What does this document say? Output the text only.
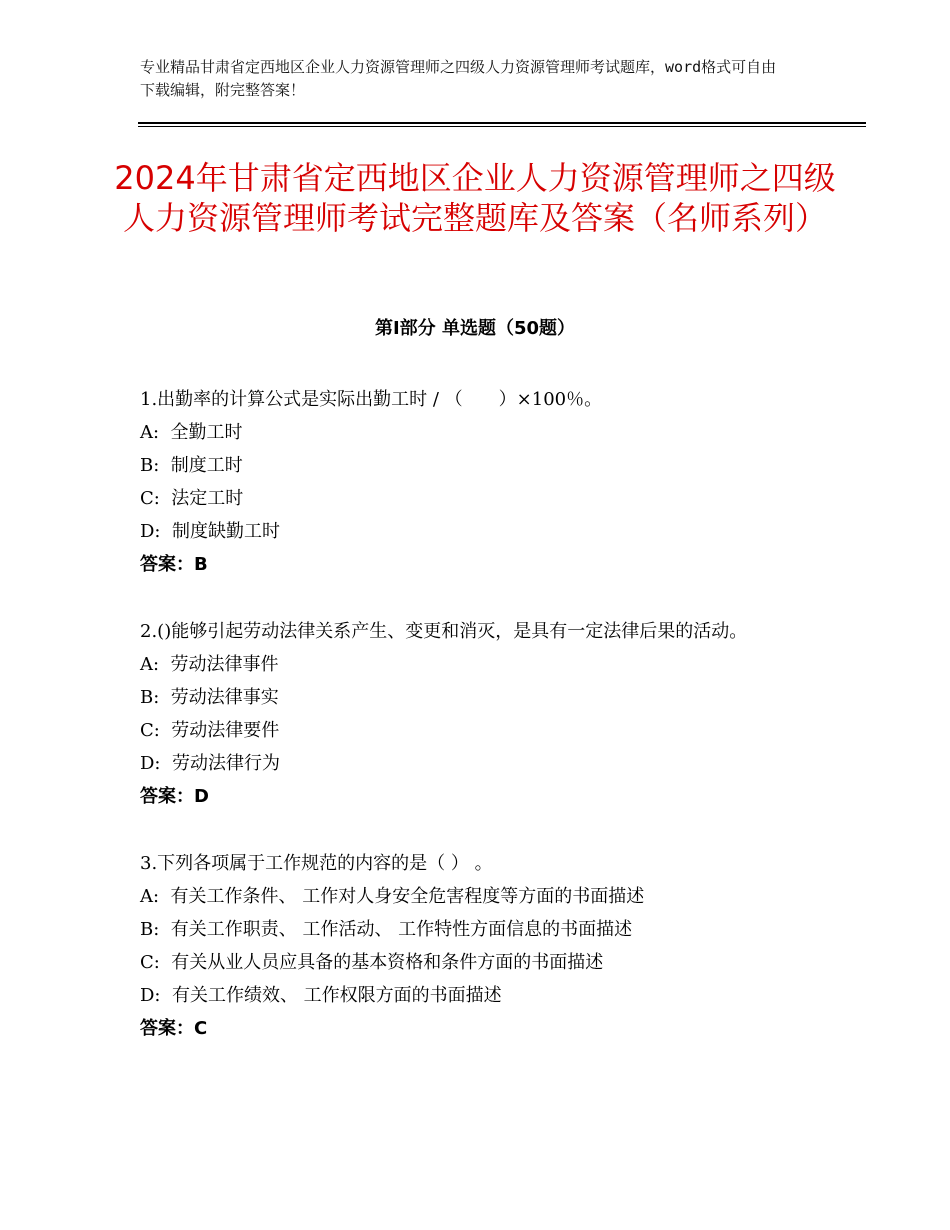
专业精品甘肃省定西地区企业人力资源管理师之四级人力资源管理师考试题库，word格式可自由下载编辑，附完整答案！
2024年甘肃省定西地区企业人力资源管理师之四级人力资源管理师考试完整题库及答案（名师系列）
第Ⅰ部分 单选题（50题）
1.出勤率的计算公式是实际出勤工时 / （　　）×100％。
A:  全勤工时
B:  制度工时
C:  法定工时
D:  制度缺勤工时
答案：B
2.()能够引起劳动法律关系产生、变更和消灭，是具有一定法律后果的活动。
A:  劳动法律事件
B:  劳动法律事实
C:  劳动法律要件
D:  劳动法律行为
答案：D
3.下列各项属于工作规范的内容的是（ ） 。
A:  有关工作条件、 工作对人身安全危害程度等方面的书面描述
B:  有关工作职责、 工作活动、 工作特性方面信息的书面描述
C:  有关从业人员应具备的基本资格和条件方面的书面描述
D:  有关工作绩效、 工作权限方面的书面描述
答案：C
